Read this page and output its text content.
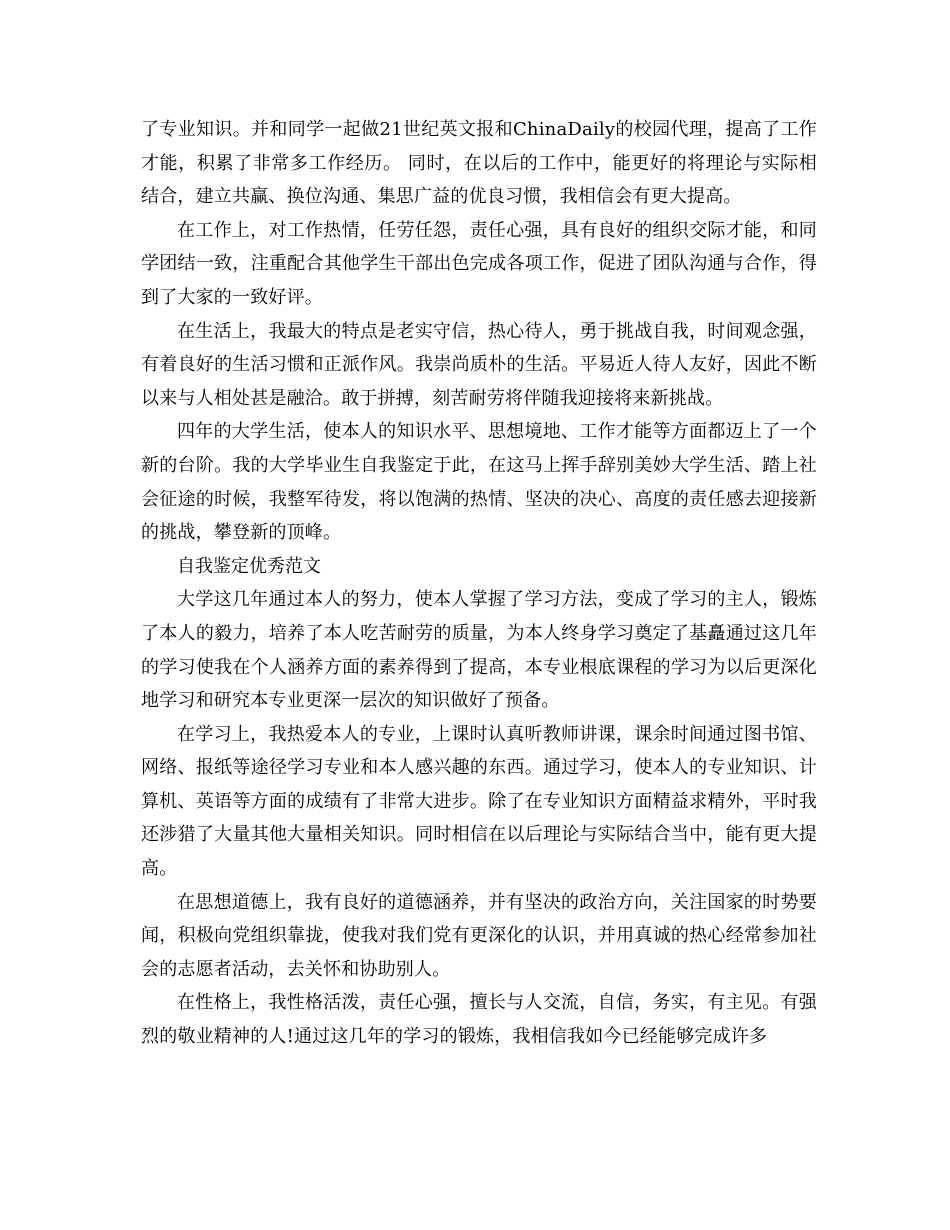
了专业知识。并和同学一起做21世纪英文报和ChinaDaily的校园代理，提高了工作才能，积累了非常多工作经历。 同时，在以后的工作中，能更好的将理论与实际相结合，建立共赢、换位沟通、集思广益的优良习惯，我相信会有更大提高。

在工作上，对工作热情，任劳任怨，责任心强，具有良好的组织交际才能，和同学团结一致，注重配合其他学生干部出色完成各项工作，促进了团队沟通与合作，得到了大家的一致好评。

在生活上，我最大的特点是老实守信，热心待人，勇于挑战自我，时间观念强，有着良好的生活习惯和正派作风。我崇尚质朴的生活。平易近人待人友好，因此不断以来与人相处甚是融洽。敢于拼搏，刻苦耐劳将伴随我迎接将来新挑战。

四年的大学生活，使本人的知识水平、思想境地、工作才能等方面都迈上了一个新的台阶。我的大学毕业生自我鉴定于此，在这马上挥手辞别美妙大学生活、踏上社会征途的时候，我整军待发，将以饱满的热情、坚决的决心、高度的责任感去迎接新的挑战，攀登新的顶峰。

自我鉴定优秀范文

大学这几年通过本人的努力，使本人掌握了学习方法，变成了学习的主人，锻炼了本人的毅力，培养了本人吃苦耐劳的质量，为本人终身学习奠定了基矗通过这几年的学习使我在个人涵养方面的素养得到了提高，本专业根底课程的学习为以后更深化地学习和研究本专业更深一层次的知识做好了预备。

在学习上，我热爱本人的专业，上课时认真听教师讲课，课余时间通过图书馆、网络、报纸等途径学习专业和本人感兴趣的东西。通过学习，使本人的专业知识、计算机、英语等方面的成绩有了非常大进步。除了在专业知识方面精益求精外，平时我还涉猎了大量其他大量相关知识。同时相信在以后理论与实际结合当中，能有更大提高。

在思想道德上，我有良好的道德涵养，并有坚决的政治方向，关注国家的时势要闻，积极向党组织靠拢，使我对我们党有更深化的认识，并用真诚的热心经常参加社会的志愿者活动，去关怀和协助别人。

在性格上，我性格活泼，责任心强，擅长与人交流，自信，务实，有主见。有强烈的敬业精神的人!通过这几年的学习的锻炼，我相信我如今已经能够完成许多
